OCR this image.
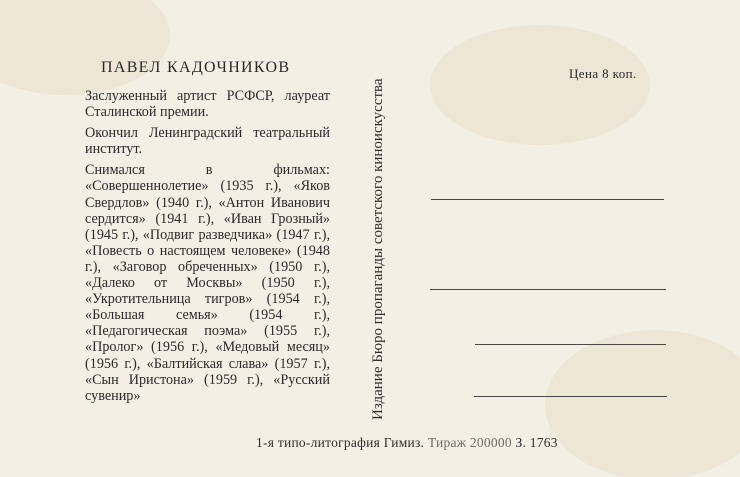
ПАВЕЛ КАДОЧНИКОВ	Цена 8 коп.
Заслуженный артист РСФСР, лауреат Сталинской премии.
Окончил Ленинградский театральный институт.
Снимался в фильмах: «Совершеннолетие» (1935 г.), «Яков Свердлов» (1940 г.), «Антон Иванович сердится» (1941 г.), «Иван Грозный» (1945 г.), «Подвиг разведчика» (1947 г.), «Повесть о настоящем человеке» (1948 г.), «Заговор обреченных» (1950 г.), «Далеко от Москвы» (1950 г.), «Укротительница тигров» (1954 г.), «Большая семья» (1954 г.), «Педагогическая поэма» (1955 г.), «Пролог» (1956 г.), «Медовый месяц» (1956 г.), «Балтийская слава» (1957 г.), «Сын Иристона» (1959 г.), «Русский сувенир»	Издание Бюро пропаганды советского киноискусства
1-я типо-литография Гимиз. Тираж 200000 З. 1763
